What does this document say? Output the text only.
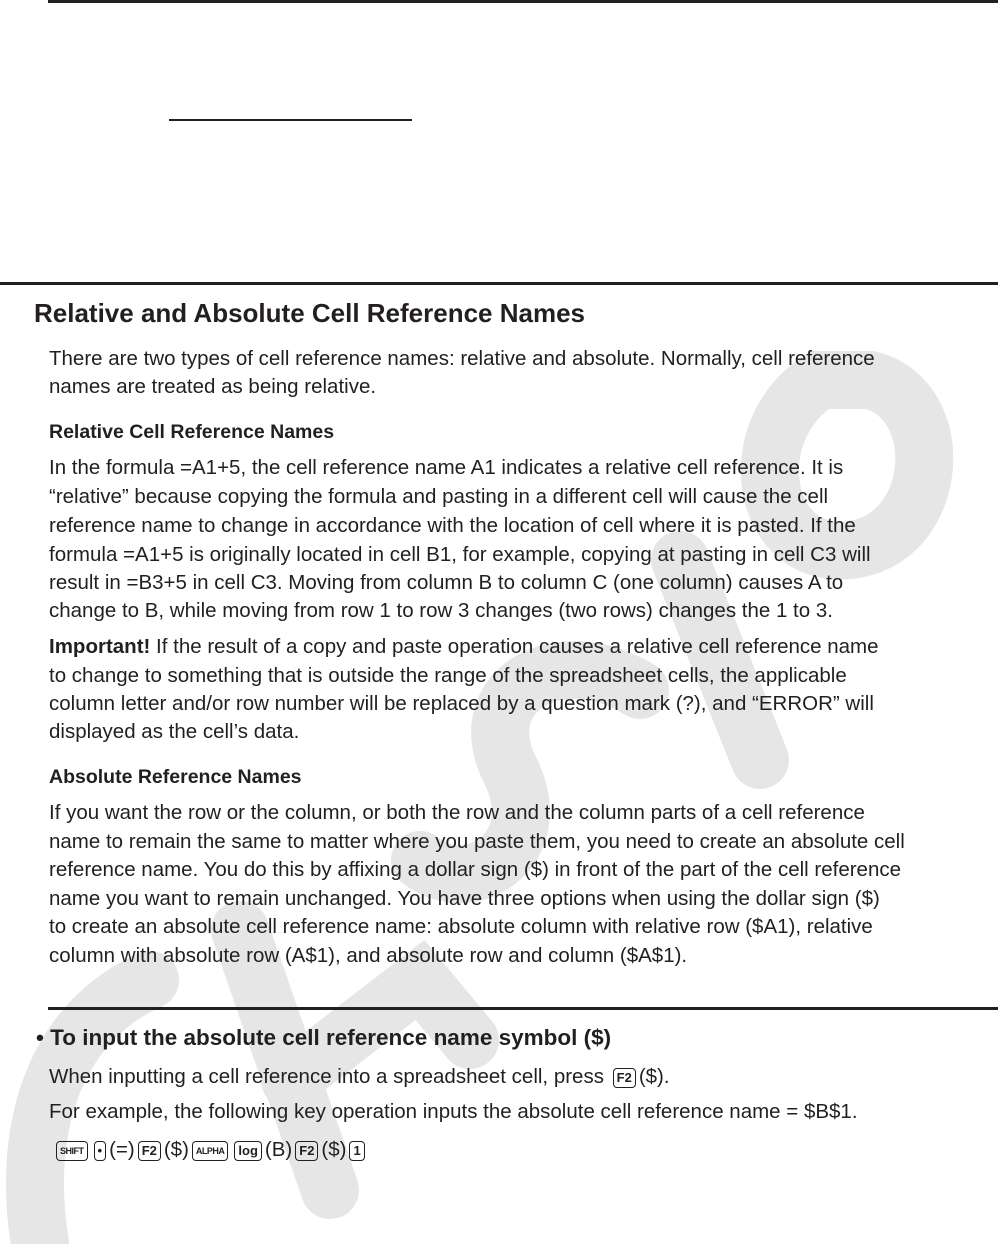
Relative and Absolute Cell Reference Names
There are two types of cell reference names: relative and absolute. Normally, cell reference
names are treated as being relative.
Relative Cell Reference Names
In the formula =A1+5, the cell reference name A1 indicates a relative cell reference. It is
“relative” because copying the formula and pasting in a different cell will cause the cell
reference name to change in accordance with the location of cell where it is pasted. If the
formula =A1+5 is originally located in cell B1, for example, copying at pasting in cell C3 will
result in =B3+5 in cell C3. Moving from column B to column C (one column) causes A to
change to B, while moving from row 1 to row 3 changes (two rows) changes the 1 to 3.
Important! If the result of a copy and paste operation causes a relative cell reference name
to change to something that is outside the range of the spreadsheet cells, the applicable
column letter and/or row number will be replaced by a question mark (?), and “ERROR” will
displayed as the cell’s data.
Absolute Reference Names
If you want the row or the column, or both the row and the column parts of a cell reference
name to remain the same to matter where you paste them, you need to create an absolute cell
reference name. You do this by affixing a dollar sign ($) in front of the part of the cell reference
name you want to remain unchanged. You have three options when using the dollar sign ($)
to create an absolute cell reference name: absolute column with relative row ($A1), relative
column with absolute row (A$1), and absolute row and column ($A$1).
• To input the absolute cell reference name symbol ($)
When inputting a cell reference into a spreadsheet cell, press F2 ($).
For example, the following key operation inputs the absolute cell reference name = $B$1.
SHIFT • (=) F2 ($) ALPHA log (B) F2 ($) 1
